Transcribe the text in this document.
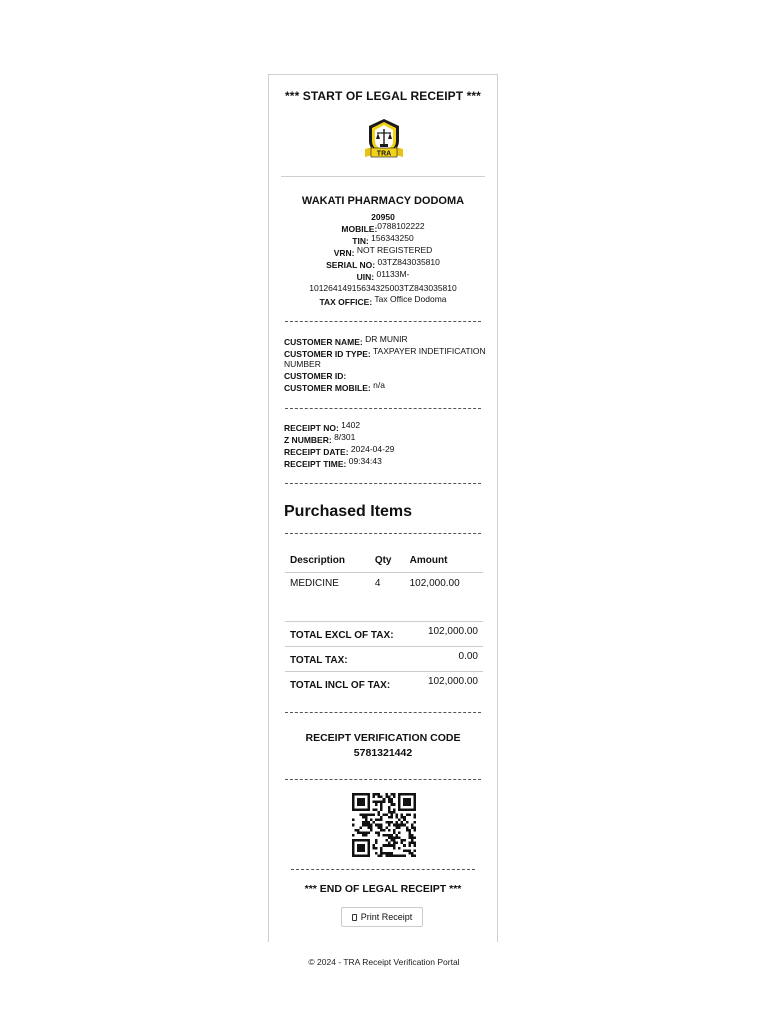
*** START OF LEGAL RECEIPT ***
TRA
WAKATI PHARMACY DODOMA
20950
MOBILE:0788102222
TIN: 156343250
VRN: NOT REGISTERED
SERIAL NO: 03TZ843035810
UIN: 01133M-
10126414915634325003TZ843035810
TAX OFFICE: Tax Office Dodoma
CUSTOMER NAME: DR MUNIR
CUSTOMER ID TYPE: TAXPAYER INDETIFICATION
NUMBER
CUSTOMER ID:
CUSTOMER MOBILE: n/a
RECEIPT NO: 1402
Z NUMBER: 8/301
RECEIPT DATE: 2024-04-29
RECEIPT TIME: 09:34:43
Purchased Items
Description	Qty	Amount
MEDICINE	4	102,000.00
TOTAL EXCL OF TAX:	102,000.00
TOTAL TAX:	0.00
TOTAL INCL OF TAX:	102,000.00
RECEIPT VERIFICATION CODE
5781321442
*** END OF LEGAL RECEIPT ***
Print Receipt
© 2024 - TRA Receipt Verification Portal
